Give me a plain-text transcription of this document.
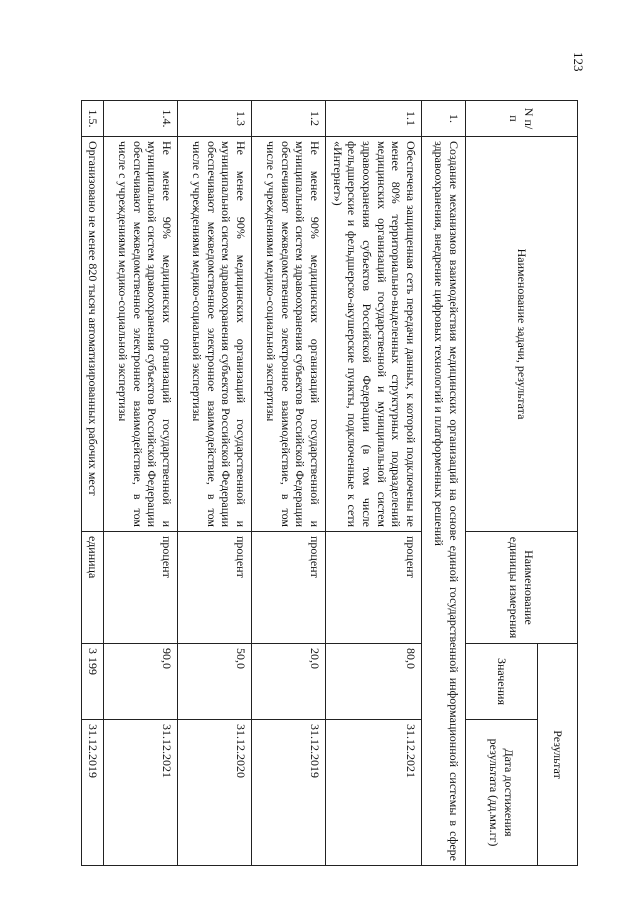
123
N п/п	Наименование задачи, результата	Наименование единицы измерения	Результат	
			Значения	Дата достижения результата (дд.мм.гг)
1.	Создание механизмов взаимодействия медицинских организаций на основе единой государственной информационной системы в сфере здравоохранения, внедрение цифровых технологий и платформенных решений			
1.1	Обеспечена защищенная сеть передачи данных, к которой подключены не менее 80% территориально-выделенных структурных подразделений медицинских организаций государственной и муниципальной систем здравоохранения субъектов Российской Федерации (в том числе фельдшерские и фельдшерско-акушерские пункты, подключенные к сети «Интернет»)	процент	80,0	31.12.2021
1.2	Не менее 90% медицинских организаций государственной и муниципальной систем здравоохранения субъектов Российской Федерации обеспечивают межведомственное электронное взаимодействие, в том числе с учреждениями медико-социальной экспертизы	процент	20,0	31.12.2019
1.3	Не менее 90% медицинских организаций государственной и муниципальной систем здравоохранения субъектов Российской Федерации обеспечивают межведомственное электронное взаимодействие, в том числе с учреждениями медико-социальной экспертизы	процент	50,0	31.12.2020
1.4.	Не менее 90% медицинских организаций государственной и муниципальной систем здравоохранения субъектов Российской Федерации обеспечивают межведомственное электронное взаимодействие, в том числе с учреждениями медико-социальной экспертизы	процент	90,0	31.12.2021
1.5.	Организовано не менее 820 тысяч автоматизированных рабочих мест	единица	3 199	31.12.2019
